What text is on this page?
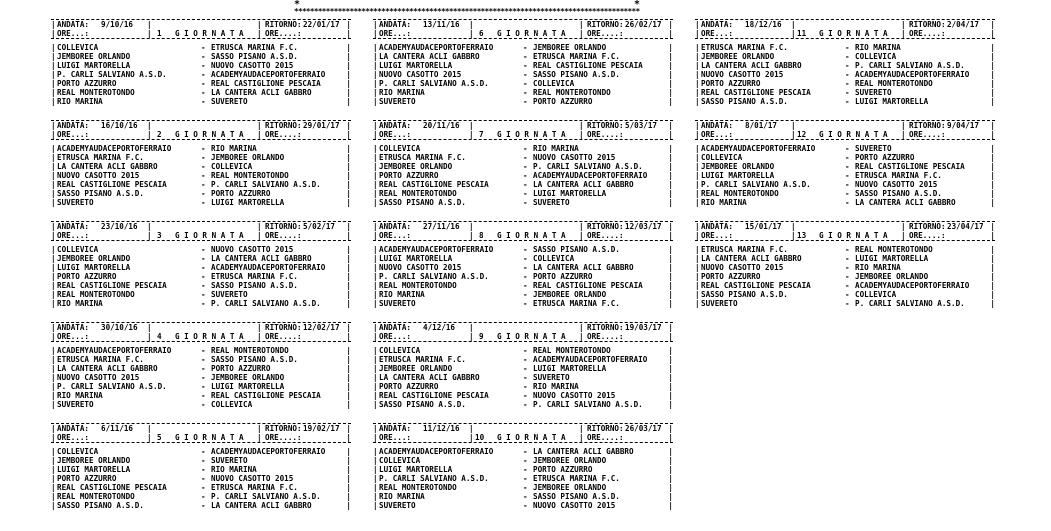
*	*
***************************************************************************************
|	|
ANDATA: 9/10/16 |	| RITORNO: 22/01/17
|	|
ORE...:	| 1 G I O R N A T A | ORE....:
|	|
COLLEVICA	- ETRUSCA MARINA F.C.
|	|
JEMBOREE ORLANDO	- SASSO PISANO A.S.D.
|	|
LUIGI MARTORELLA	- NUOVO CASOTTO 2015
|	|
P. CARLI SALVIANO A.S.D.	- ACADEMYAUDACEPORTOFERRAIO
|	|
PORTO AZZURRO	- REAL CASTIGLIONE PESCAIA
|	|
REAL MONTEROTONDO	- LA CANTERA ACLI GABBRO
|	|
RIO MARINA	- SUVERETO
|	|
ANDATA: 16/10/16 |	| RITORNO: 29/01/17
|	|
ORE...:	| 2 G I O R N A T A | ORE....:
|	|
ACADEMYAUDACEPORTOFERRAIO	- RIO MARINA
|	|
ETRUSCA MARINA F.C.	- JEMBOREE ORLANDO
|	|
LA CANTERA ACLI GABBRO	- COLLEVICA
|	|
NUOVO CASOTTO 2015	- REAL MONTEROTONDO
|	|
REAL CASTIGLIONE PESCAIA	- P. CARLI SALVIANO A.S.D.
|	|
SASSO PISANO A.S.D.	- PORTO AZZURRO
|	|
SUVERETO	- LUIGI MARTORELLA
|	|
ANDATA: 23/10/16 |	| RITORNO: 5/02/17
|	|
ORE...:	| 3 G I O R N A T A | ORE....:
|	|
COLLEVICA	- NUOVO CASOTTO 2015
|	|
JEMBOREE ORLANDO	- LA CANTERA ACLI GABBRO
|	|
LUIGI MARTORELLA	- ACADEMYAUDACEPORTOFERRAIO
|	|
PORTO AZZURRO	- ETRUSCA MARINA F.C.
|	|
REAL CASTIGLIONE PESCAIA	- SASSO PISANO A.S.D.
|	|
REAL MONTEROTONDO	- SUVERETO
|	|
RIO MARINA	- P. CARLI SALVIANO A.S.D.
|	|
ANDATA: 30/10/16 |	| RITORNO: 12/02/17
|	|
ORE...:	| 4 G I O R N A T A | ORE....:
|	|
ACADEMYAUDACEPORTOFERRAIO	- REAL MONTEROTONDO
|	|
ETRUSCA MARINA F.C.	- SASSO PISANO A.S.D.
|	|
LA CANTERA ACLI GABBRO	- PORTO AZZURRO
|	|
NUOVO CASOTTO 2015	- JEMBOREE ORLANDO
|	|
P. CARLI SALVIANO A.S.D.	- LUIGI MARTORELLA
|	|
RIO MARINA	- REAL CASTIGLIONE PESCAIA
|	|
SUVERETO	- COLLEVICA
|	|
ANDATA: 6/11/16 |	| RITORNO: 19/02/17
|	|
ORE...:	| 5 G I O R N A T A | ORE....:
|	|
COLLEVICA	- ACADEMYAUDACEPORTOFERRAIO
|	|
JEMBOREE ORLANDO	- SUVERETO
|	|
LUIGI MARTORELLA	- RIO MARINA
|	|
PORTO AZZURRO	- NUOVO CASOTTO 2015
|	|
REAL CASTIGLIONE PESCAIA	- ETRUSCA MARINA F.C.
|	|
REAL MONTEROTONDO	- P. CARLI SALVIANO A.S.D.
|	|
SASSO PISANO A.S.D.	- LA CANTERA ACLI GABBRO
|	|
ANDATA: 13/11/16 |	| RITORNO: 26/02/17
|	|
ORE...:	| 6 G I O R N A T A | ORE....:
|	|
ACADEMYAUDACEPORTOFERRAIO	- JEMBOREE ORLANDO
|	|
LA CANTERA ACLI GABBRO	- ETRUSCA MARINA F.C.
|	|
LUIGI MARTORELLA	- REAL CASTIGLIONE PESCAIA
|	|
NUOVO CASOTTO 2015	- SASSO PISANO A.S.D.
|	|
P. CARLI SALVIANO A.S.D.	- COLLEVICA
|	|
RIO MARINA	- REAL MONTEROTONDO
|	|
SUVERETO	- PORTO AZZURRO
|	|
ANDATA: 20/11/16 |	| RITORNO: 5/03/17
|	|
ORE...:	| 7 G I O R N A T A | ORE....:
|	|
COLLEVICA	- RIO MARINA
|	|
ETRUSCA MARINA F.C.	- NUOVO CASOTTO 2015
|	|
JEMBOREE ORLANDO	- P. CARLI SALVIANO A.S.D.
|	|
PORTO AZZURRO	- ACADEMYAUDACEPORTOFERRAIO
|	|
REAL CASTIGLIONE PESCAIA	- LA CANTERA ACLI GABBRO
|	|
REAL MONTEROTONDO	- LUIGI MARTORELLA
|	|
SASSO PISANO A.S.D.	- SUVERETO
|	|
ANDATA: 27/11/16 |	| RITORNO: 12/03/17
|	|
ORE...:	| 8 G I O R N A T A | ORE....:
|	|
ACADEMYAUDACEPORTOFERRAIO	- SASSO PISANO A.S.D.
|	|
LUIGI MARTORELLA	- COLLEVICA
|	|
NUOVO CASOTTO 2015	- LA CANTERA ACLI GABBRO
|	|
P. CARLI SALVIANO A.S.D.	- PORTO AZZURRO
|	|
REAL MONTEROTONDO	- REAL CASTIGLIONE PESCAIA
|	|
RIO MARINA	- JEMBOREE ORLANDO
|	|
SUVERETO	- ETRUSCA MARINA F.C.
|	|
ANDATA: 4/12/16 |	| RITORNO: 19/03/17
|	|
ORE...:	| 9 G I O R N A T A | ORE....:
|	|
COLLEVICA	- REAL MONTEROTONDO
|	|
ETRUSCA MARINA F.C.	- ACADEMYAUDACEPORTOFERRAIO
|	|
JEMBOREE ORLANDO	- LUIGI MARTORELLA
|	|
LA CANTERA ACLI GABBRO	- SUVERETO
|	|
PORTO AZZURRO	- RIO MARINA
|	|
REAL CASTIGLIONE PESCAIA	- NUOVO CASOTTO 2015
|	|
SASSO PISANO A.S.D.	- P. CARLI SALVIANO A.S.D.
|	|
ANDATA: 11/12/16 |	| RITORNO: 26/03/17
|	|
ORE...:	| 10 G I O R N A T A | ORE....:
|	|
ACADEMYAUDACEPORTOFERRAIO	- LA CANTERA ACLI GABBRO
|	|
COLLEVICA	- JEMBOREE ORLANDO
|	|
LUIGI MARTORELLA	- PORTO AZZURRO
|	|
P. CARLI SALVIANO A.S.D.	- ETRUSCA MARINA F.C.
|	|
REAL MONTEROTONDO	- JEMBOREE ORLANDO
|	|
RIO MARINA	- SASSO PISANO A.S.D.
|	|
SUVERETO	- NUOVO CASOTTO 2015
|	|
ANDATA: 18/12/16 |	| RITORNO: 2/04/17
|	|
ORE...:	| 11 G I O R N A T A | ORE....:
|	|
ETRUSCA MARINA F.C.	- RIO MARINA
|	|
JEMBOREE ORLANDO	- COLLEVICA
|	|
LA CANTERA ACLI GABBRO	- P. CARLI SALVIANO A.S.D.
|	|
NUOVO CASOTTO 2015	- ACADEMYAUDACEPORTOFERRAIO
|	|
PORTO AZZURRO	- REAL MONTEROTONDO
|	|
REAL CASTIGLIONE PESCAIA	- SUVERETO
|	|
SASSO PISANO A.S.D.	- LUIGI MARTORELLA
|	|
ANDATA: 8/01/17 |	| RITORNO: 9/04/17
|	|
ORE...:	| 12 G I O R N A T A | ORE....:
|	|
ACADEMYAUDACEPORTOFERRAIO	- SUVERETO
|	|
COLLEVICA	- PORTO AZZURRO
|	|
JEMBOREE ORLANDO	- REAL CASTIGLIONE PESCAIA
|	|
LUIGI MARTORELLA	- ETRUSCA MARINA F.C.
|	|
P. CARLI SALVIANO A.S.D.	- NUOVO CASOTTO 2015
|	|
REAL MONTEROTONDO	- SASSO PISANO A.S.D.
|	|
RIO MARINA	- LA CANTERA ACLI GABBRO
|	|
ANDATA: 15/01/17 |	| RITORNO: 23/04/17
|	|
ORE...:	| 13 G I O R N A T A | ORE....:
|	|
ETRUSCA MARINA F.C.	- REAL MONTEROTONDO
|	|
LA CANTERA ACLI GABBRO	- LUIGI MARTORELLA
|	|
NUOVO CASOTTO 2015	- RIO MARINA
|	|
PORTO AZZURRO	- JEMBOREE ORLANDO
|	|
REAL CASTIGLIONE PESCAIA	- ACADEMYAUDACEPORTOFERRAIO
|	|
SASSO PISANO A.S.D.	- COLLEVICA
|	|
SUVERETO	- P. CARLI SALVIANO A.S.D.
